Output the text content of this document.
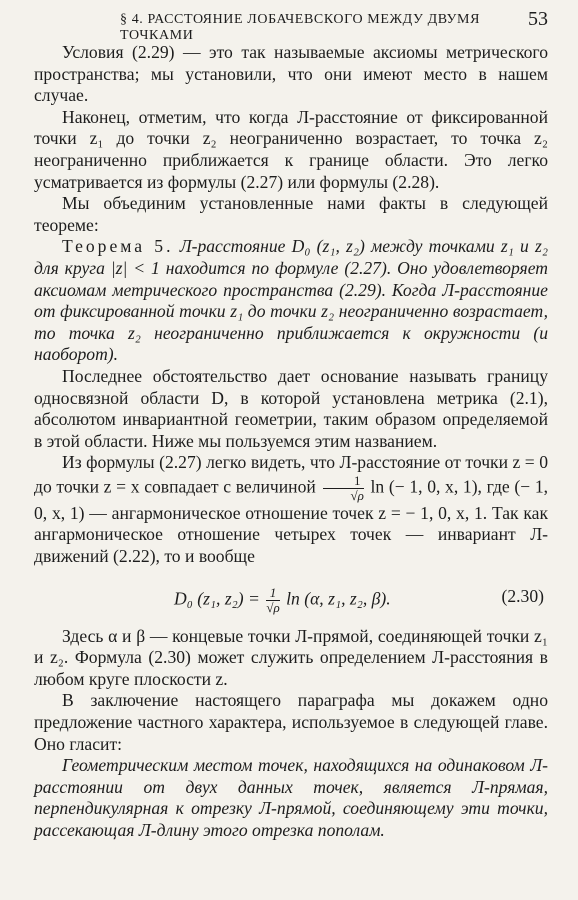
§ 4. РАССТОЯНИЕ ЛОБАЧЕВСКОГО МЕЖДУ ДВУМЯ ТОЧКАМИ
53

Условия (2.29) — это так называемые аксиомы метрического пространства; мы установили, что они имеют место в нашем случае.

Наконец, отметим, что когда Л-расстояние от фиксированной точки z₁ до точки z₂ неограниченно возрастает, то точка z₂ неограниченно приближается к границе области. Это легко усматривается из формулы (2.27) или формулы (2.28).

Мы объединим установленные нами факты в следующей теореме:

Теорема 5. Л-расстояние D₀ (z₁, z₂) между точками z₁ и z₂ для круга |z| < 1 находится по формуле (2.27). Оно удовлетворяет аксиомам метрического пространства (2.29). Когда Л-расстояние от фиксированной точки z₁ до точки z₂ неограниченно возрастает, то точка z₂ неограниченно приближается к окружности (и наоборот).

Последнее обстоятельство дает основание называть границу односвязной области D, в которой установлена метрика (2.1), абсолютом инвариантной геометрии, таким образом определяемой в этой области. Ниже мы пользуемся этим названием.

Из формулы (2.27) легко видеть, что Л-расстояние от точки z = 0 до точки z = x совпадает с величиной $\frac{1}{√\rho}$ ln (− 1, 0, x, 1), где (− 1, 0, x, 1) — ангармоническое отношение точек z = − 1, 0, x, 1. Так как ангармоническое отношение четырех точек — инвариант Л-движений (2.22), то и вообще

D₀ (z₁, $z_2) = \frac{1}{√\rho}$ ln (α, z₁, z₂, β).	(2.30)

Здесь α и β — концевые точки Л-прямой, соединяющей точки z₁ и z₂. Формула (2.30) может служить определением Л-расстояния в любом круге плоскости z.

В заключение настоящего параграфа мы докажем одно предложение частного характера, используемое в следующей главе. Оно гласит:

Геометрическим местом точек, находящихся на одинаковом Л-расстоянии от двух данных точек, является Л-прямая, перпендикулярная к отрезку Л-прямой, соединяющему эти точки, рассекающая Л-длину этого отрезка пополам.
